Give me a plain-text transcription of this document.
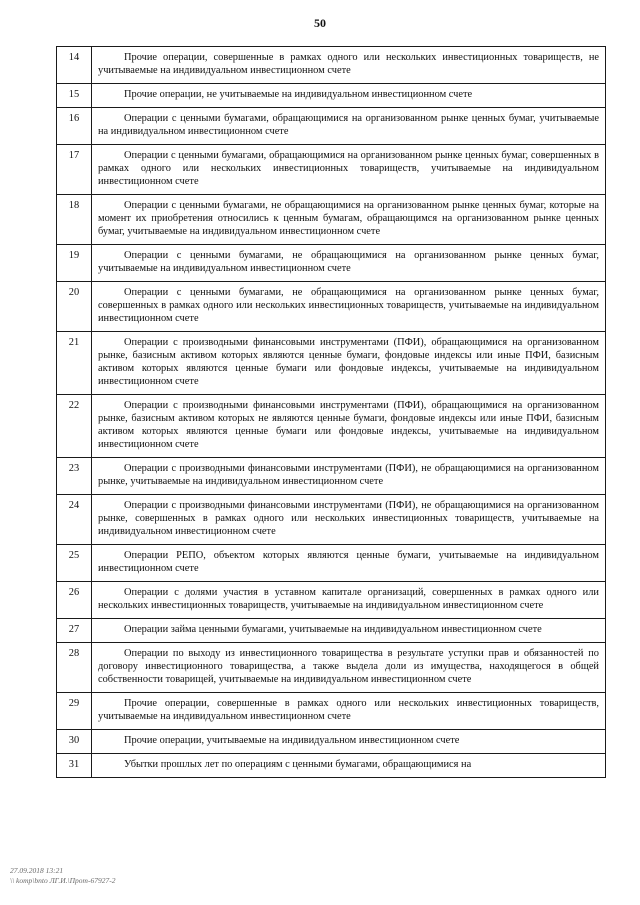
50
14	Прочие операции, совершенные в рамках одного или нескольких инвестиционных товариществ, не учитываемые на индивидуальном инвестиционном счете
15	Прочие операции, не учитываемые на индивидуальном инвестиционном счете
16	Операции с ценными бумагами, обращающимися на организованном рынке ценных бумаг, учитываемые на индивидуальном инвестиционном счете
17	Операции с ценными бумагами, обращающимися на организованном рынке ценных бумаг, совершенных в рамках одного или нескольких инвестиционных товариществ, учитываемые на индивидуальном инвестиционном счете
18	Операции с ценными бумагами, не обращающимися на организованном рынке ценных бумаг, которые на момент их приобретения относились к ценным бумагам, обращающимся на организованном рынке ценных бумаг, учитываемые на индивидуальном инвестиционном счете
19	Операции с ценными бумагами, не обращающимися на организованном рынке ценных бумаг, учитываемые на индивидуальном инвестиционном счете
20	Операции с ценными бумагами, не обращающимися на организованном рынке ценных бумаг, совершенных в рамках одного или нескольких инвестиционных товариществ, учитываемые на индивидуальном инвестиционном счете
21	Операции с производными финансовыми инструментами (ПФИ), обращающимися на организованном рынке, базисным активом которых являются ценные бумаги, фондовые индексы или иные ПФИ, базисным активом которых являются ценные бумаги или фондовые индексы, учитываемые на индивидуальном инвестиционном счете
22	Операции с производными финансовыми инструментами (ПФИ), обращающимися на организованном рынке, базисным активом которых не являются ценные бумаги, фондовые индексы или иные ПФИ, базисным активом которых являются ценные бумаги или фондовые индексы, учитываемые на индивидуальном инвестиционном счете
23	Операции с производными финансовыми инструментами (ПФИ), не обращающимися на организованном рынке, учитываемые на индивидуальном инвестиционном счете
24	Операции с производными финансовыми инструментами (ПФИ), не обращающимися на организованном рынке, совершенных в рамках одного или нескольких инвестиционных товариществ, учитываемые на индивидуальном инвестиционном счете
25	Операции РЕПО, объектом которых являются ценные бумаги, учитываемые на индивидуальном инвестиционном счете
26	Операции с долями участия в уставном капитале организаций, совершенных в рамках одного или нескольких инвестиционных товариществ, учитываемые на индивидуальном инвестиционном счете
27	Операции займа ценными бумагами, учитываемые на индивидуальном инвестиционном счете
28	Операции по выходу из инвестиционного товарищества в результате уступки прав и обязанностей по договору инвестиционного товарищества, а также выдела доли из имущества, находящегося в общей собственности товарищей, учитываемые на индивидуальном инвестиционном счете
29	Прочие операции, совершенные в рамках одного или нескольких инвестиционных товариществ, учитываемые на индивидуальном инвестиционном счете
30	Прочие операции, учитываемые на индивидуальном инвестиционном счете
31	Убытки прошлых лет по операциям с ценными бумагами, обращающимися на
27.09.2018 13:21
\\ komp\bnto ЛГ.И.\Прот-67927-2
